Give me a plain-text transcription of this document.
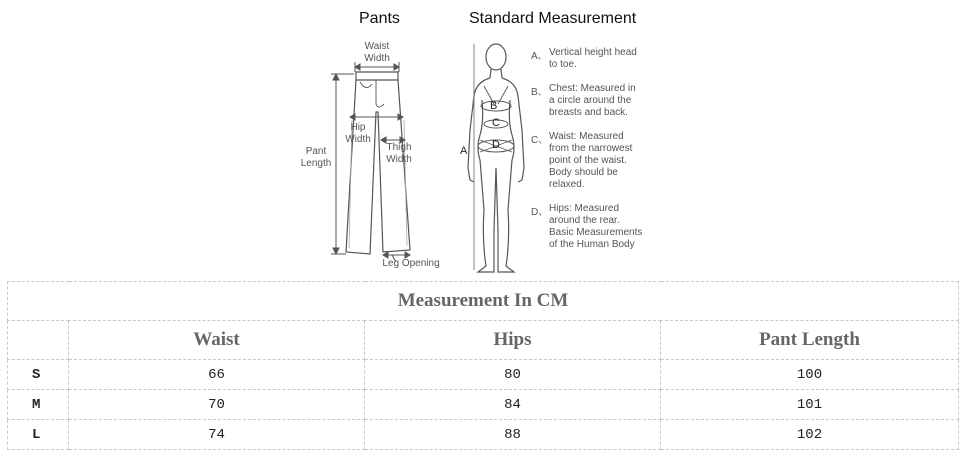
Pants	Standard Measurement
Waist
Width
Hip
Width
Pant
Length
Thigh
Width
Leg Opening
B
C
D
A
A、 Vertical height head
to toe.
B、 Chest: Measured in
a circle around the
breasts and back.
C、 Waist: Measured
from the narrowest
point of the waist.
Body should be
relaxed.
D、 Hips: Measured
around the rear.
Basic Measurements
of the Human Body
Measurement In CM			
	Waist	Hips	Pant Length
S	66	80	100
M	70	84	101
L	74	88	102
